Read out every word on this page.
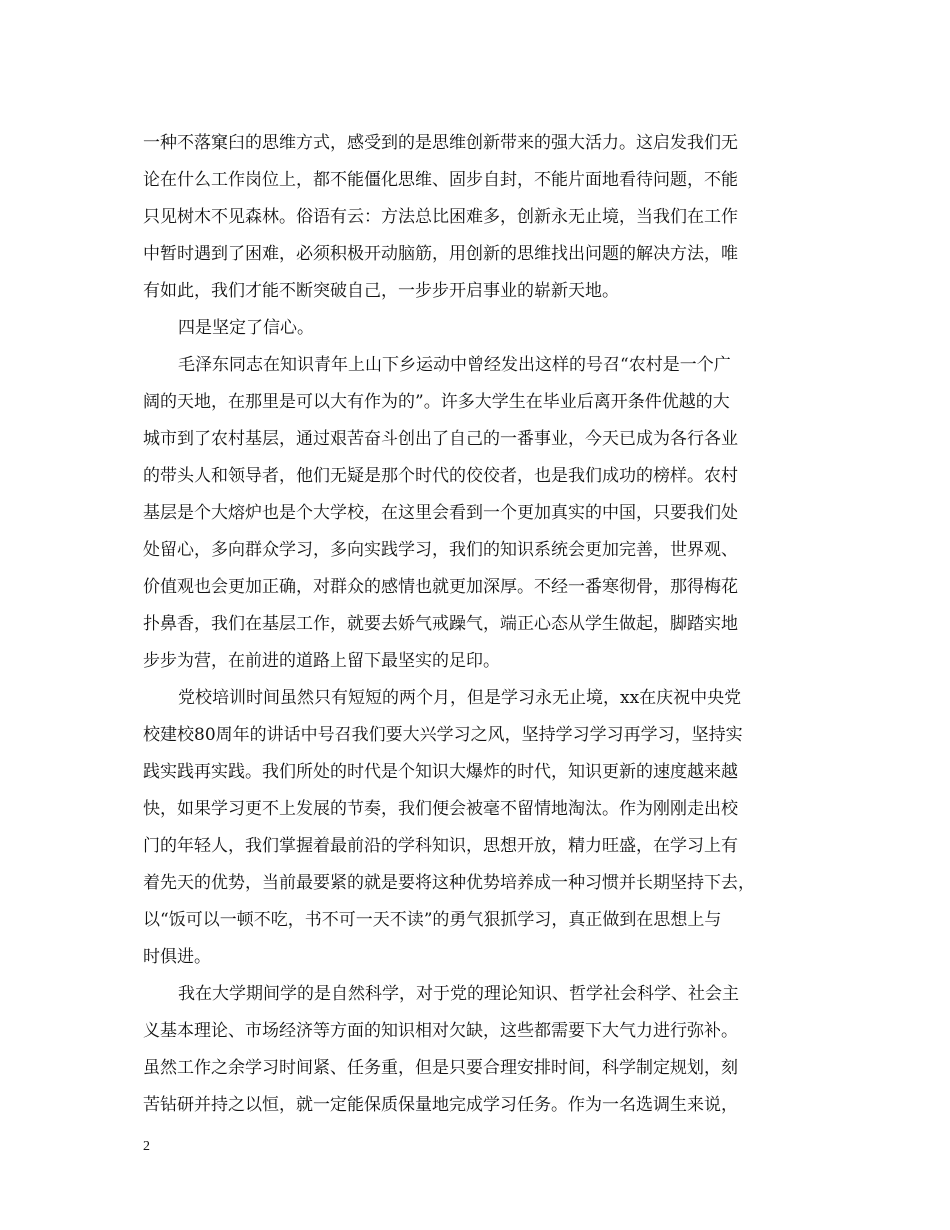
一种不落窠臼的思维方式，感受到的是思维创新带来的强大活力。这启发我们无
论在什么工作岗位上，都不能僵化思维、固步自封，不能片面地看待问题，不能
只见树木不见森林。俗语有云：方法总比困难多，创新永无止境，当我们在工作
中暂时遇到了困难，必须积极开动脑筋，用创新的思维找出问题的解决方法，唯
有如此，我们才能不断突破自己，一步步开启事业的崭新天地。
四是坚定了信心。
毛泽东同志在知识青年上山下乡运动中曾经发出这样的号召“农村是一个广
阔的天地，在那里是可以大有作为的”。许多大学生在毕业后离开条件优越的大
城市到了农村基层，通过艰苦奋斗创出了自己的一番事业，今天已成为各行各业
的带头人和领导者，他们无疑是那个时代的佼佼者，也是我们成功的榜样。农村
基层是个大熔炉也是个大学校，在这里会看到一个更加真实的中国，只要我们处
处留心，多向群众学习，多向实践学习，我们的知识系统会更加完善，世界观、
价值观也会更加正确，对群众的感情也就更加深厚。不经一番寒彻骨，那得梅花
扑鼻香，我们在基层工作，就要去娇气戒躁气，端正心态从学生做起，脚踏实地
步步为营，在前进的道路上留下最坚实的足印。
党校培训时间虽然只有短短的两个月，但是学习永无止境，xx在庆祝中央党
校建校80周年的讲话中号召我们要大兴学习之风，坚持学习学习再学习，坚持实
践实践再实践。我们所处的时代是个知识大爆炸的时代，知识更新的速度越来越
快，如果学习更不上发展的节奏，我们便会被毫不留情地淘汰。作为刚刚走出校
门的年轻人，我们掌握着最前沿的学科知识，思想开放，精力旺盛，在学习上有
着先天的优势，当前最要紧的就是要将这种优势培养成一种习惯并长期坚持下去，
以“饭可以一顿不吃，书不可一天不读”的勇气狠抓学习，真正做到在思想上与
时俱进。
我在大学期间学的是自然科学，对于党的理论知识、哲学社会科学、社会主
义基本理论、市场经济等方面的知识相对欠缺，这些都需要下大气力进行弥补。
虽然工作之余学习时间紧、任务重，但是只要合理安排时间，科学制定规划，刻
苦钻研并持之以恒，就一定能保质保量地完成学习任务。作为一名选调生来说，
2
